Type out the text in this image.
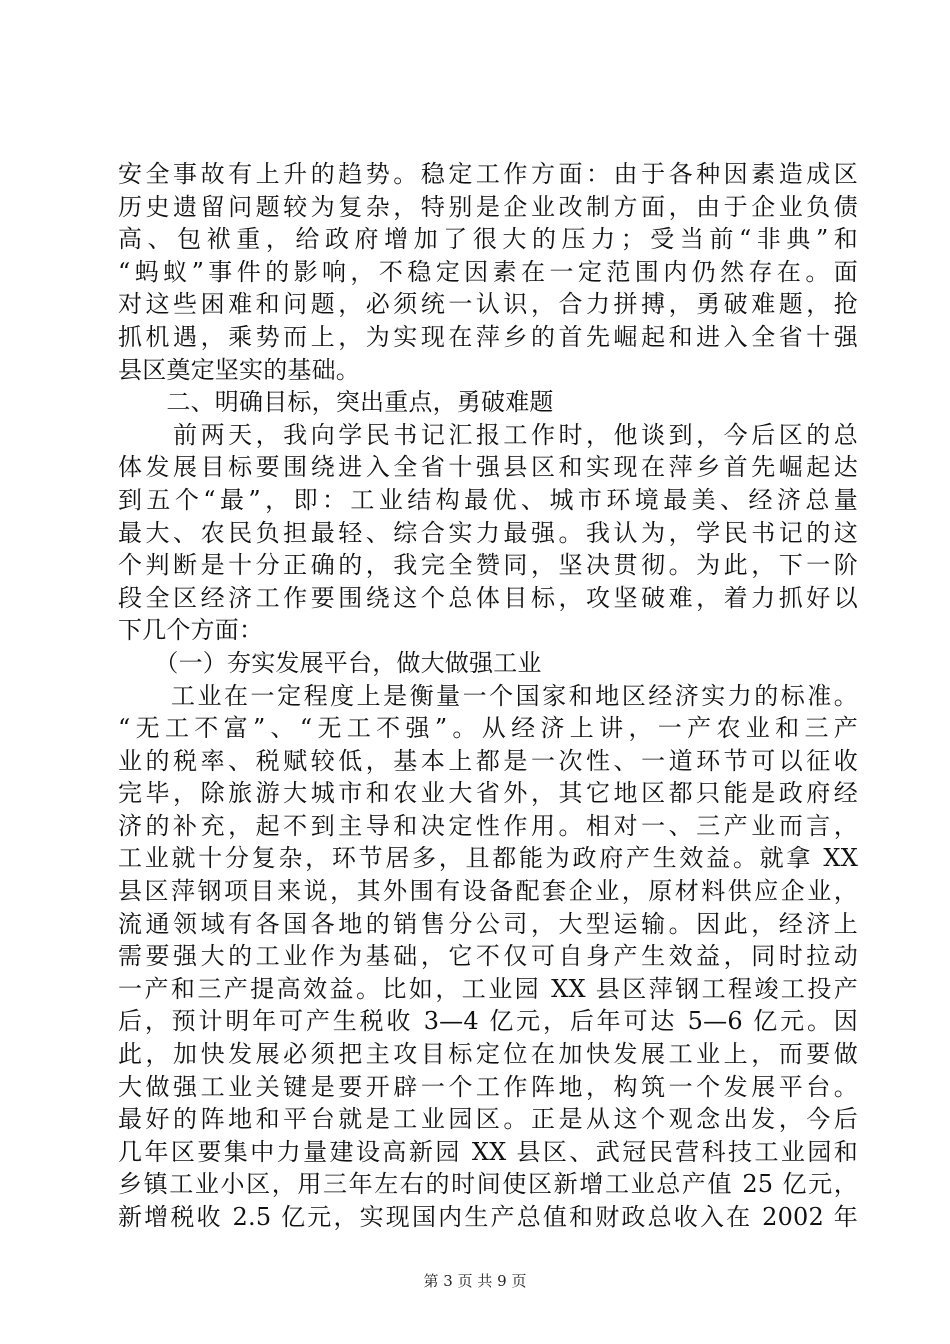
安全事故有上升的趋势。稳定工作方面：由于各种因素造成区
历史遗留问题较为复杂，特别是企业改制方面，由于企业负债
高、包袱重，给政府增加了很大的压力；受当前“非典”和
“蚂蚁”事件的影响，不稳定因素在一定范围内仍然存在。面
对这些困难和问题，必须统一认识，合力拼搏，勇破难题，抢
抓机遇，乘势而上，为实现在萍乡的首先崛起和进入全省十强
县区奠定坚实的基础。
　　二、明确目标，突出重点，勇破难题
　　前两天，我向学民书记汇报工作时，他谈到，今后区的总
体发展目标要围绕进入全省十强县区和实现在萍乡首先崛起达
到五个“最”，即：工业结构最优、城市环境最美、经济总量
最大、农民负担最轻、综合实力最强。我认为，学民书记的这
个判断是十分正确的，我完全赞同，坚决贯彻。为此，下一阶
段全区经济工作要围绕这个总体目标，攻坚破难，着力抓好以
下几个方面：
　　（一）夯实发展平台，做大做强工业
　　工业在一定程度上是衡量一个国家和地区经济实力的标准。
“无工不富”、“无工不强”。从经济上讲，一产农业和三产
业的税率、税赋较低，基本上都是一次性、一道环节可以征收
完毕，除旅游大城市和农业大省外，其它地区都只能是政府经
济的补充，起不到主导和决定性作用。相对一、三产业而言，
工业就十分复杂，环节居多，且都能为政府产生效益。就拿 XX
县区萍钢项目来说，其外围有设备配套企业，原材料供应企业，
流通领域有各国各地的销售分公司，大型运输。因此，经济上
需要强大的工业作为基础，它不仅可自身产生效益，同时拉动
一产和三产提高效益。比如，工业园 XX 县区萍钢工程竣工投产
后，预计明年可产生税收 3—4 亿元，后年可达 5—6 亿元。因
此，加快发展必须把主攻目标定位在加快发展工业上，而要做
大做强工业关键是要开辟一个工作阵地，构筑一个发展平台。
最好的阵地和平台就是工业园区。正是从这个观念出发，今后
几年区要集中力量建设高新园 XX 县区、武冠民营科技工业园和
乡镇工业小区，用三年左右的时间使区新增工业总产值 25 亿元，
新增税收 2.5 亿元，实现国内生产总值和财政总收入在 2002 年
第 3 页 共 9 页
